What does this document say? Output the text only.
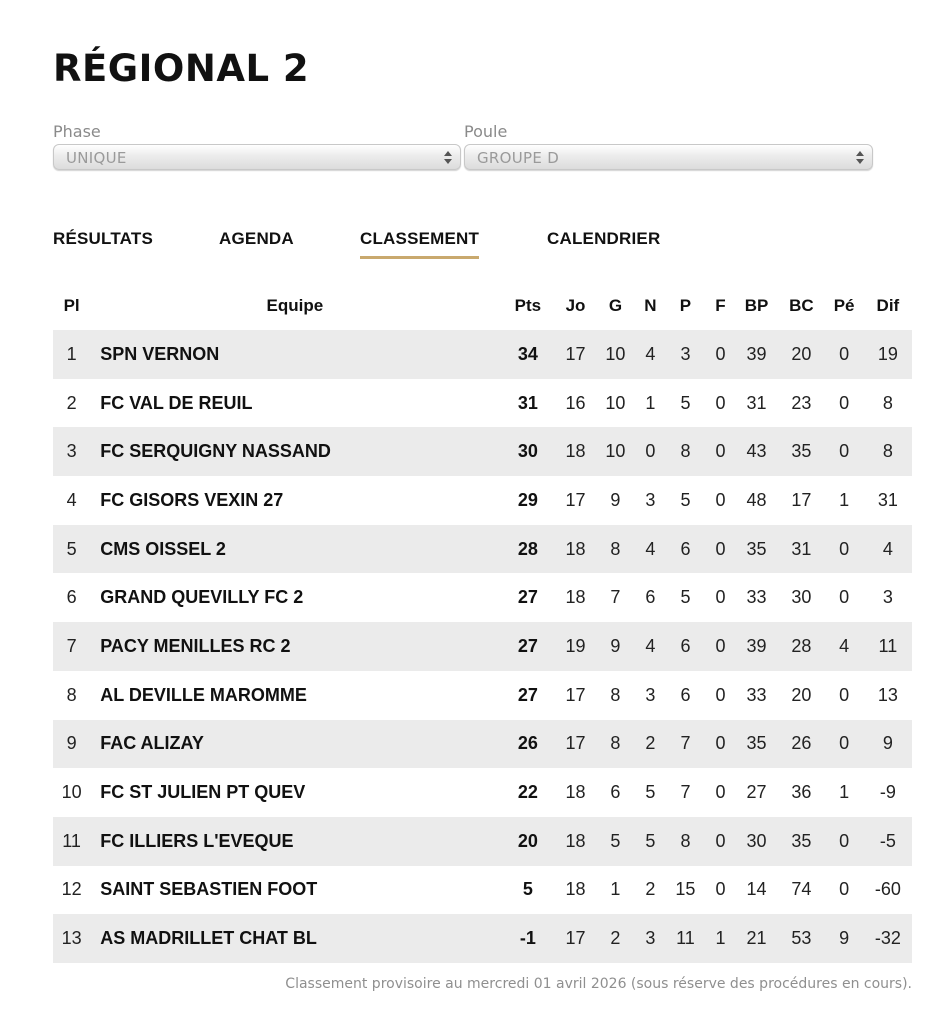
RÉGIONAL 2
Phase
UNIQUE
Poule
GROUPE D
RÉSULTATS	AGENDA	CLASSEMENT	CALENDRIER
Pl	Equipe	Pts	Jo	G	N	P	F	BP	BC	Pé	Dif
1	SPN VERNON	34	17	10	4	3	0	39	20	0	19
2	FC VAL DE REUIL	31	16	10	1	5	0	31	23	0	8
3	FC SERQUIGNY NASSAND	30	18	10	0	8	0	43	35	0	8
4	FC GISORS VEXIN 27	29	17	9	3	5	0	48	17	1	31
5	CMS OISSEL 2	28	18	8	4	6	0	35	31	0	4
6	GRAND QUEVILLY FC 2	27	18	7	6	5	0	33	30	0	3
7	PACY MENILLES RC 2	27	19	9	4	6	0	39	28	4	11
8	AL DEVILLE MAROMME	27	17	8	3	6	0	33	20	0	13
9	FAC ALIZAY	26	17	8	2	7	0	35	26	0	9
10	FC ST JULIEN PT QUEV	22	18	6	5	7	0	27	36	1	-9
11	FC ILLIERS L'EVEQUE	20	18	5	5	8	0	30	35	0	-5
12	SAINT SEBASTIEN FOOT	5	18	1	2	15	0	14	74	0	-60
13	AS MADRILLET CHAT BL	-1	17	2	3	11	1	21	53	9	-32
Classement provisoire au mercredi 01 avril 2026 (sous réserve des procédures en cours).
